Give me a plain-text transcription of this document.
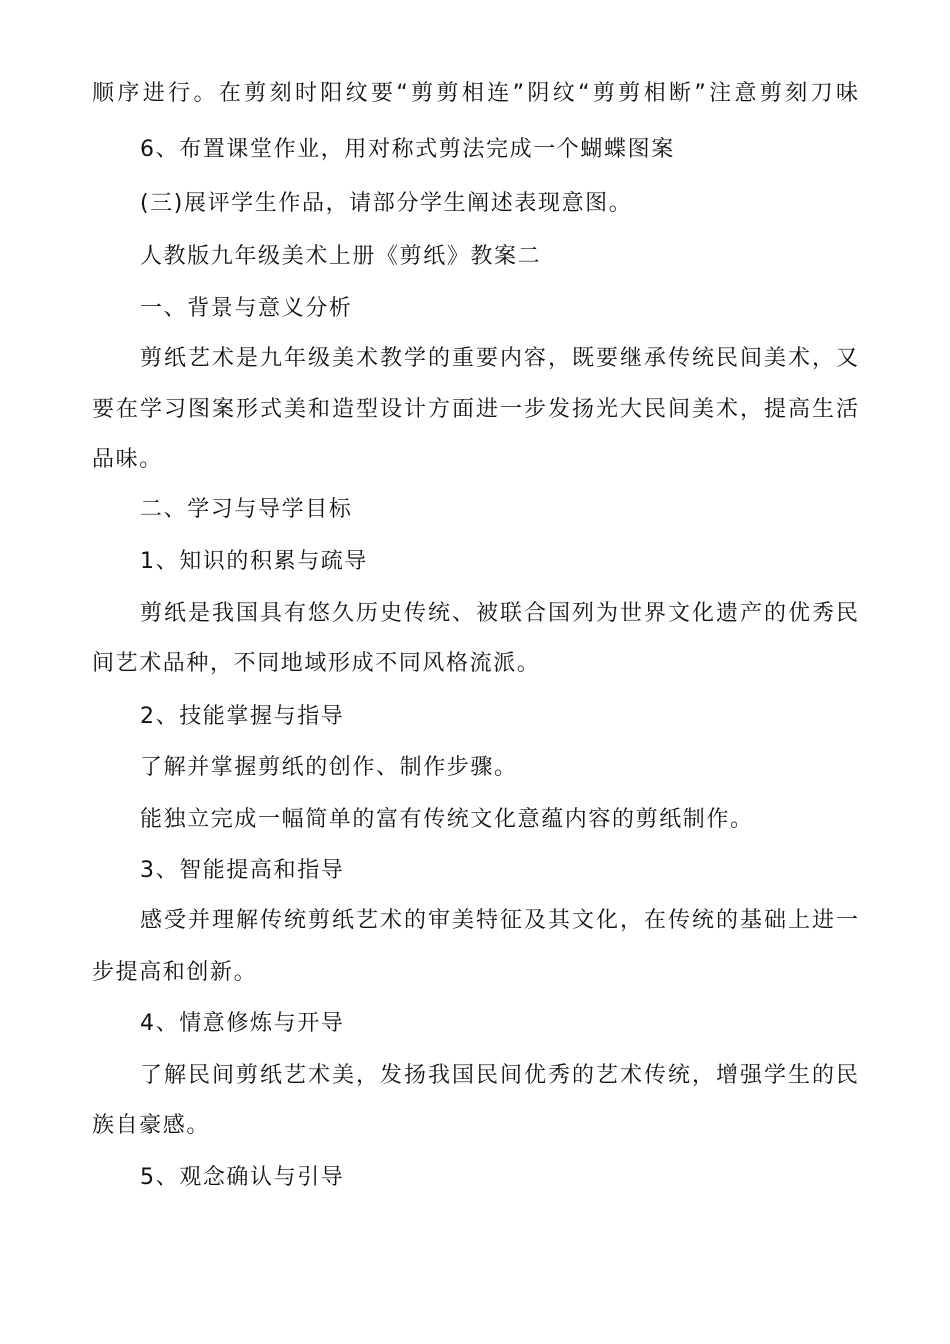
顺序进行。在剪刻时阳纹要“剪剪相连”阴纹“剪剪相断”注意剪刻刀味
6、布置课堂作业，用对称式剪法完成一个蝴蝶图案
(三)展评学生作品，请部分学生阐述表现意图。
人教版九年级美术上册《剪纸》教案二
一、背景与意义分析
剪纸艺术是九年级美术教学的重要内容，既要继承传统民间美术，又
要在学习图案形式美和造型设计方面进一步发扬光大民间美术，提高生活
品味。
二、学习与导学目标
1、知识的积累与疏导
剪纸是我国具有悠久历史传统、被联合国列为世界文化遗产的优秀民
间艺术品种，不同地域形成不同风格流派。
2、技能掌握与指导
了解并掌握剪纸的创作、制作步骤。
能独立完成一幅简单的富有传统文化意蕴内容的剪纸制作。
3、智能提高和指导
感受并理解传统剪纸艺术的审美特征及其文化，在传统的基础上进一
步提高和创新。
4、情意修炼与开导
了解民间剪纸艺术美，发扬我国民间优秀的艺术传统，增强学生的民
族自豪感。
5、观念确认与引导
